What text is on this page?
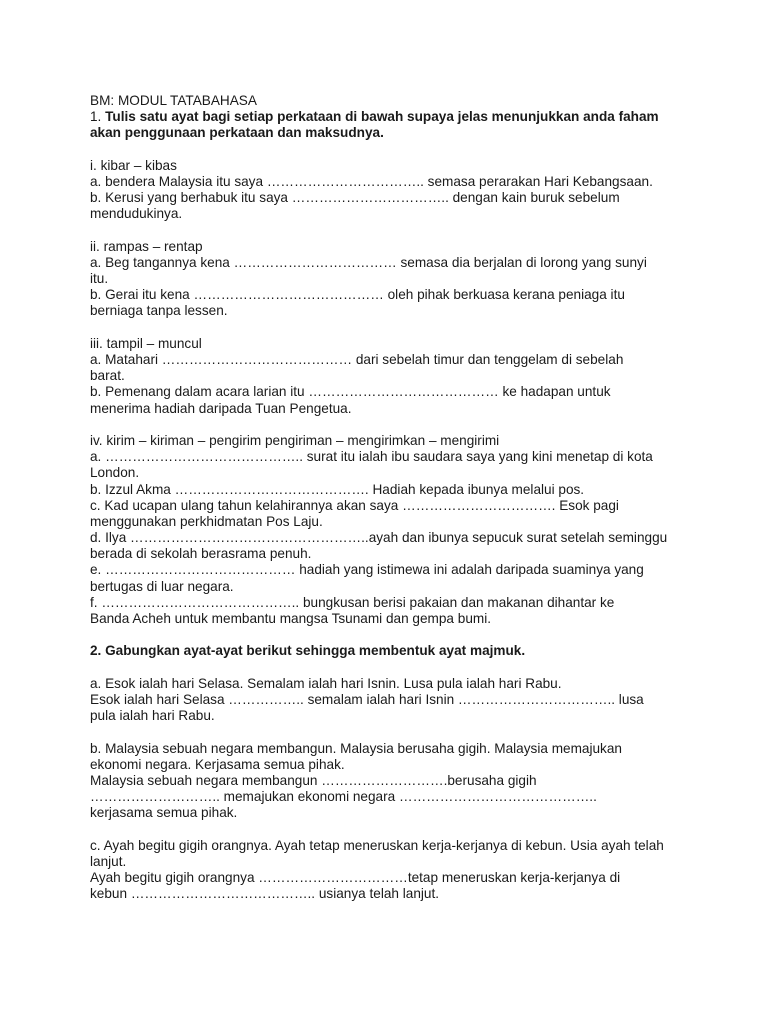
BM: MODUL TATABAHASA
1. Tulis satu ayat bagi setiap perkataan di bawah supaya jelas menunjukkan anda faham
akan penggunaan perkataan dan maksudnya.
i. kibar – kibas
a. bendera Malaysia itu saya …………………………….. semasa perarakan Hari Kebangsaan.
b. Kerusi yang berhabuk itu saya …………………………….. dengan kain buruk sebelum
mendudukinya.
ii. rampas – rentap
a. Beg tangannya kena ……………………………… semasa dia berjalan di lorong yang sunyi
itu.
b. Gerai itu kena …………………………………… oleh pihak berkuasa kerana peniaga itu
berniaga tanpa lessen.
iii. tampil – muncul
a. Matahari …………………………………… dari sebelah timur dan tenggelam di sebelah
barat.
b. Pemenang dalam acara larian itu …………………………………… ke hadapan untuk
menerima hadiah daripada Tuan Pengetua.
iv. kirim – kiriman – pengirim pengiriman – mengirimkan – mengirimi
a. …………………………………….. surat itu ialah ibu saudara saya yang kini menetap di kota
London.
b. Izzul Akma ……………………………………. Hadiah kepada ibunya melalui pos.
c. Kad ucapan ulang tahun kelahirannya akan saya ……………………………. Esok pagi
menggunakan perkhidmatan Pos Laju.
d. Ilya ……………………………………………..ayah dan ibunya sepucuk surat setelah seminggu
berada di sekolah berasrama penuh.
e. …………………………………… hadiah yang istimewa ini adalah daripada suaminya yang
bertugas di luar negara.
f. …………………………………….. bungkusan berisi pakaian dan makanan dihantar ke
Banda Acheh untuk membantu mangsa Tsunami dan gempa bumi.
2. Gabungkan ayat-ayat berikut sehingga membentuk ayat majmuk.
a. Esok ialah hari Selasa. Semalam ialah hari Isnin. Lusa pula ialah hari Rabu.
Esok ialah hari Selasa …………….. semalam ialah hari Isnin …………………………….. lusa
pula ialah hari Rabu.
b. Malaysia sebuah negara membangun. Malaysia berusaha gigih. Malaysia memajukan
ekonomi negara. Kerjasama semua pihak.
Malaysia sebuah negara membangun ……………………….berusaha gigih
……………………….. memajukan ekonomi negara ……………………………………..
kerjasama semua pihak.
c. Ayah begitu gigih orangnya. Ayah tetap meneruskan kerja-kerjanya di kebun. Usia ayah telah
lanjut.
Ayah begitu gigih orangnya ……………………………tetap meneruskan kerja-kerjanya di
kebun ………………………………….. usianya telah lanjut.
